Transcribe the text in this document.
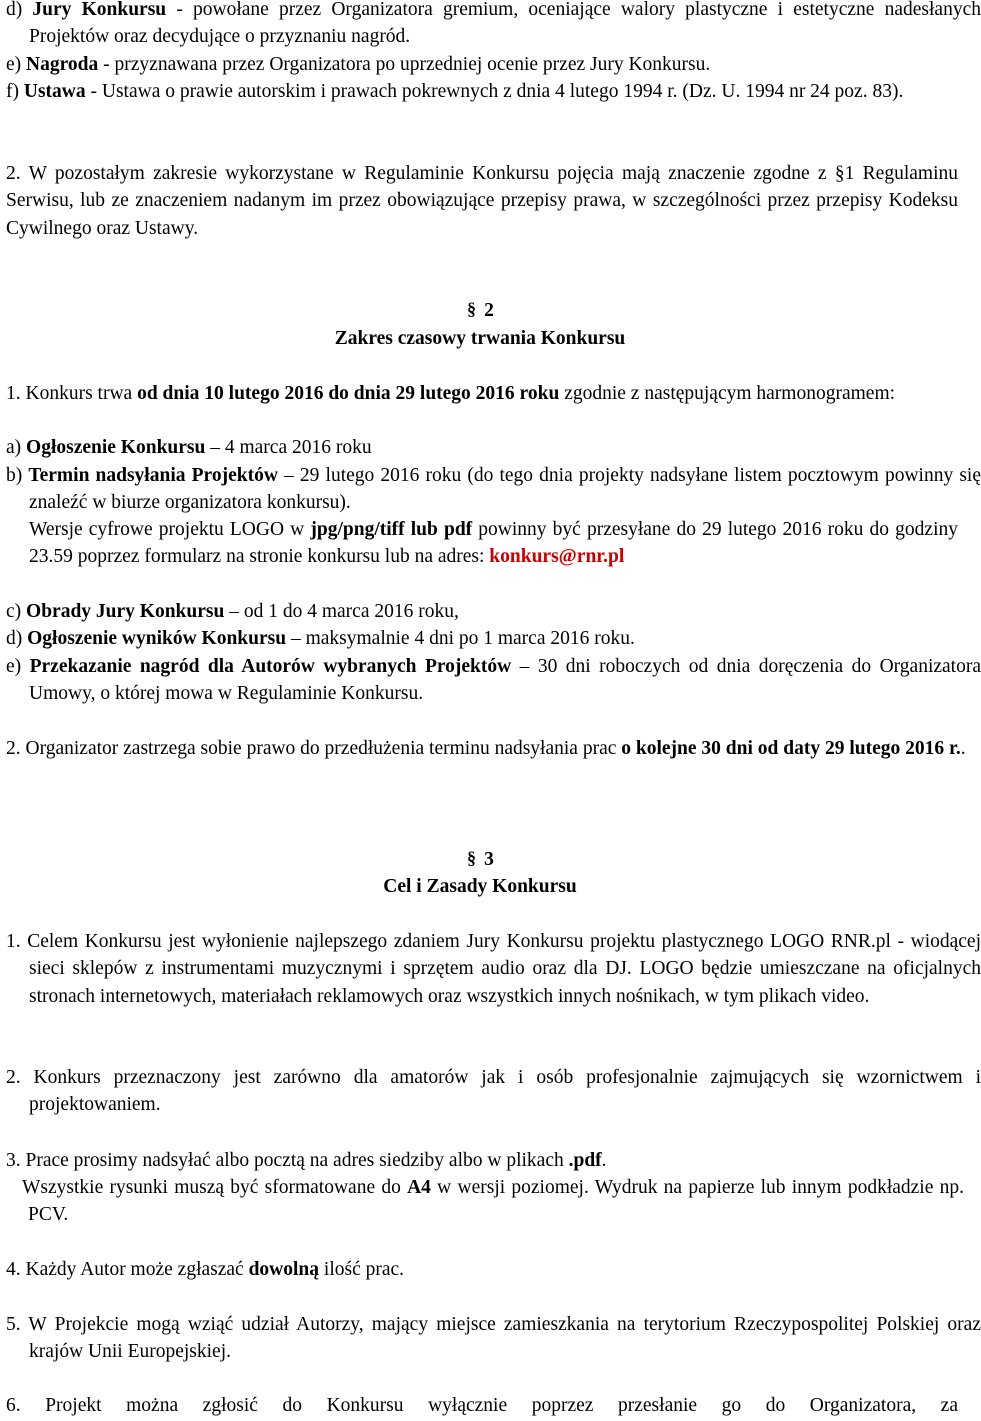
d) Jury Konkursu - powołane przez Organizatora gremium, oceniające walory plastyczne i estetyczne nadesłanych Projektów oraz decydujące o przyznaniu nagród.

e) Nagroda - przyznawana przez Organizatora po uprzedniej ocenie przez Jury Konkursu.

f) Ustawa - Ustawa o prawie autorskim i prawach pokrewnych z dnia 4 lutego 1994 r. (Dz. U. 1994 nr 24 poz. 83).

2. W pozostałym zakresie wykorzystane w Regulaminie Konkursu pojęcia mają znaczenie zgodne z §1 Regulaminu Serwisu, lub ze znaczeniem nadanym im przez obowiązujące przepisy prawa, w szczególności przez przepisy Kodeksu Cywilnego oraz Ustawy.

§ 2

Zakres czasowy trwania Konkursu

1. Konkurs trwa od dnia 10 lutego 2016 do dnia 29 lutego 2016 roku zgodnie z następującym harmonogramem:

a) Ogłoszenie Konkursu – 4 marca 2016 roku

b) Termin nadsyłania Projektów – 29 lutego 2016 roku (do tego dnia projekty nadsyłane listem pocztowym powinny się znaleźć w biurze organizatora konkursu).

Wersje cyfrowe projektu LOGO w jpg/png/tiff lub pdf powinny być przesyłane do 29 lutego 2016 roku do godziny 23.59 poprzez formularz na stronie konkursu lub na adres: konkurs@rnr.pl

c) Obrady Jury Konkursu – od 1 do 4 marca 2016 roku,

d) Ogłoszenie wyników Konkursu – maksymalnie 4 dni po 1 marca 2016 roku.

e) Przekazanie nagród dla Autorów wybranych Projektów – 30 dni roboczych od dnia doręczenia do Organizatora Umowy, o której mowa w Regulaminie Konkursu.

2. Organizator zastrzega sobie prawo do przedłużenia terminu nadsyłania prac o kolejne 30 dni od daty 29 lutego 2016 r..

§ 3

Cel i Zasady Konkursu

1. Celem Konkursu jest wyłonienie najlepszego zdaniem Jury Konkursu projektu plastycznego LOGO RNR.pl - wiodącej sieci sklepów z instrumentami muzycznymi i sprzętem audio oraz dla DJ. LOGO będzie umieszczane na oficjalnych stronach internetowych, materiałach reklamowych oraz wszystkich innych nośnikach, w tym plikach video.

2. Konkurs przeznaczony jest zarówno dla amatorów jak i osób profesjonalnie zajmujących się wzornictwem i projektowaniem.

3. Prace prosimy nadsyłać albo pocztą na adres siedziby albo w plikach .pdf.

Wszystkie rysunki muszą być sformatowane do A4 w wersji poziomej. Wydruk na papierze lub innym podkładzie np. PCV.

4. Każdy Autor może zgłaszać dowolną ilość prac.

5. W Projekcie mogą wziąć udział Autorzy, mający miejsce zamieszkania na terytorium Rzeczypospolitej Polskiej oraz krajów Unii Europejskiej.

6. Projekt można zgłosić do Konkursu wyłącznie poprzez przesłanie go do Organizatora, za
